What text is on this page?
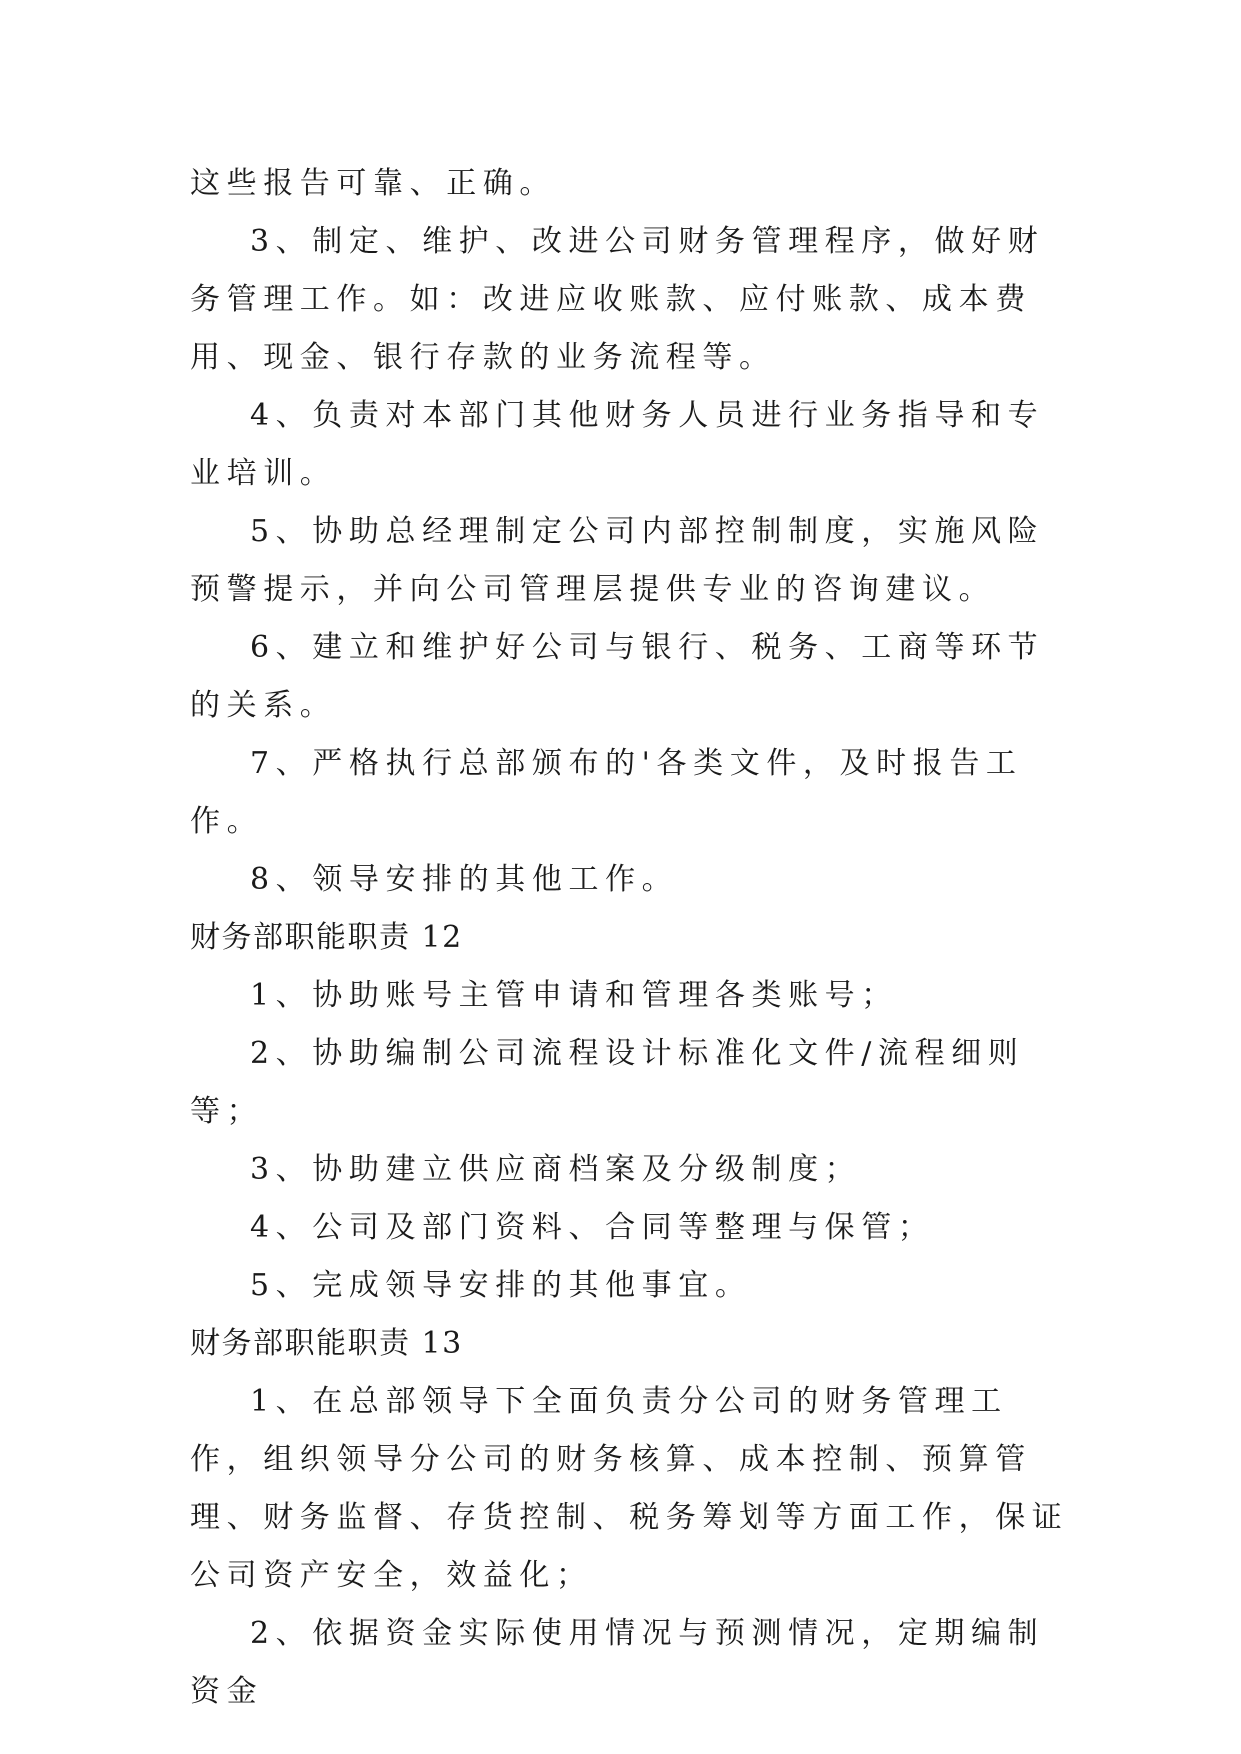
这些报告可靠、正确。

3、制定、维护、改进公司财务管理程序，做好财务管理工作。如：改进应收账款、应付账款、成本费用、现金、银行存款的业务流程等。

4、负责对本部门其他财务人员进行业务指导和专业培训。

5、协助总经理制定公司内部控制制度，实施风险预警提示，并向公司管理层提供专业的咨询建议。

6、建立和维护好公司与银行、税务、工商等环节的关系。

7、严格执行总部颁布的'各类文件，及时报告工作。

8、领导安排的其他工作。

财务部职能职责 12

1、协助账号主管申请和管理各类账号；

2、协助编制公司流程设计标准化文件/流程细则等；

3、协助建立供应商档案及分级制度；

4、公司及部门资料、合同等整理与保管；

5、完成领导安排的其他事宜。

财务部职能职责 13

1、在总部领导下全面负责分公司的财务管理工作，组织领导分公司的财务核算、成本控制、预算管理、财务监督、存货控制、税务筹划等方面工作，保证公司资产安全，效益化；

2、依据资金实际使用情况与预测情况，定期编制资金
